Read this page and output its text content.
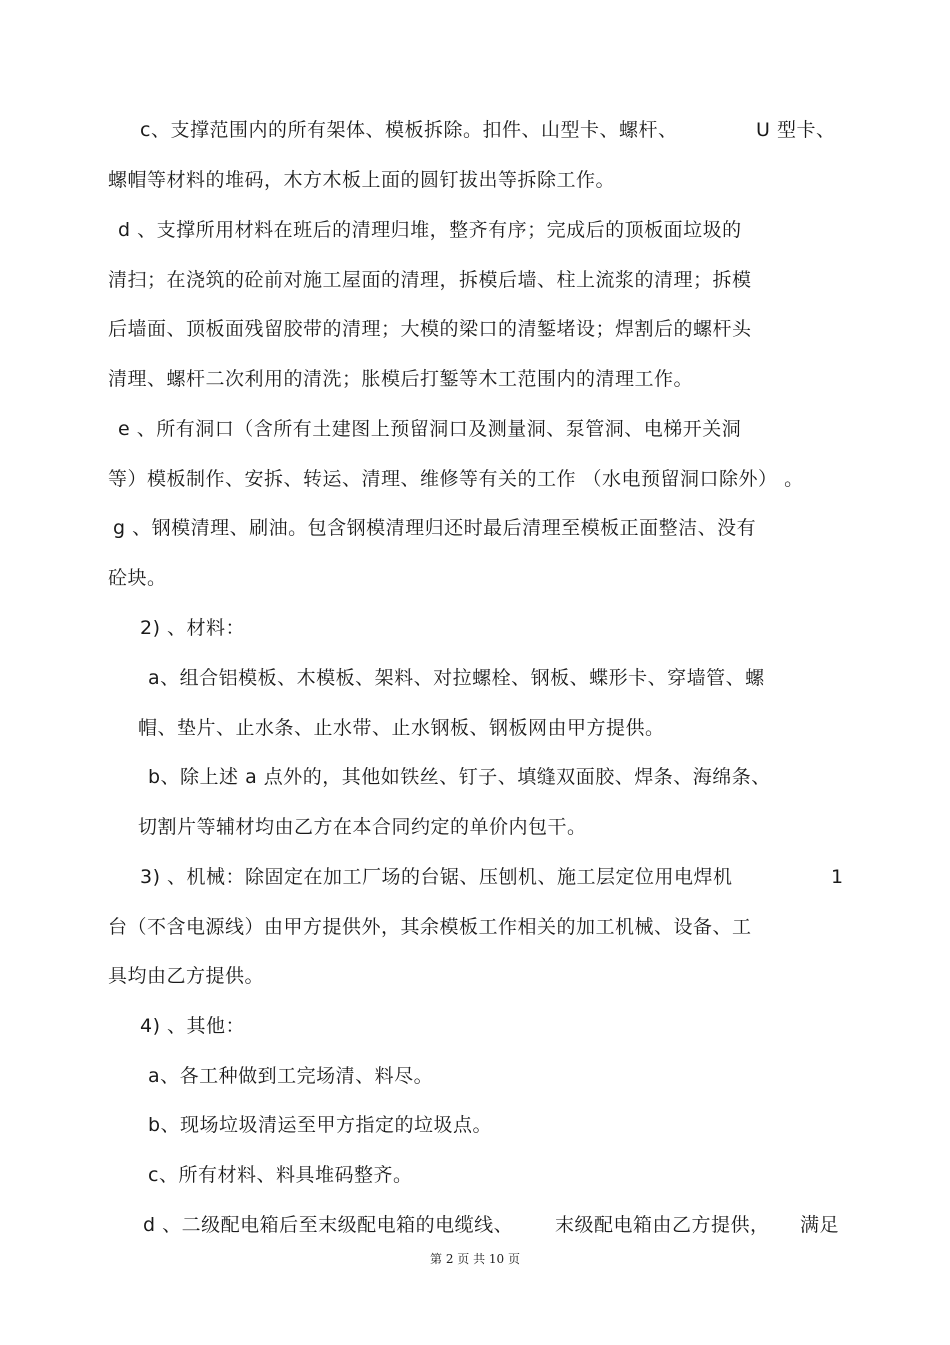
c、支撑范围内的所有架体、模板拆除。扣件、山型卡、螺杆、	U 型卡、
螺帽等材料的堆码，木方木板上面的圆钉拔出等拆除工作。
d 、支撑所用材料在班后的清理归堆，整齐有序；完成后的顶板面垃圾的
清扫；在浇筑的砼前对施工屋面的清理，拆模后墙、柱上流浆的清理；拆模
后墙面、顶板面残留胶带的清理；大模的梁口的清錾堵设；焊割后的螺杆头
清理、螺杆二次利用的清洗；胀模后打錾等木工范围内的清理工作。
e 、所有洞口（含所有土建图上预留洞口及测量洞、泵管洞、电梯开关洞
等）模板制作、安拆、转运、清理、维修等有关的工作 （水电预留洞口除外） 。
g 、钢模清理、刷油。包含钢模清理归还时最后清理至模板正面整洁、没有
砼块。
2) 、材料：
a、组合铝模板、木模板、架料、对拉螺栓、钢板、蝶形卡、穿墙管、螺
帽、垫片、止水条、止水带、止水钢板、钢板网由甲方提供。
b、除上述 a 点外的，其他如铁丝、钉子、填缝双面胶、焊条、海绵条、
切割片等辅材均由乙方在本合同约定的单价内包干。
3) 、机械：除固定在加工厂场的台锯、压刨机、施工层定位用电焊机	1
台（不含电源线）由甲方提供外，其余模板工作相关的加工机械、设备、工
具均由乙方提供。
4) 、其他：
a、各工种做到工完场清、料尽。
b、现场垃圾清运至甲方指定的垃圾点。
c、所有材料、料具堆码整齐。
d 、二级配电箱后至末级配电箱的电缆线、 末级配电箱由乙方提供， 满足
第 2 页 共 10 页
